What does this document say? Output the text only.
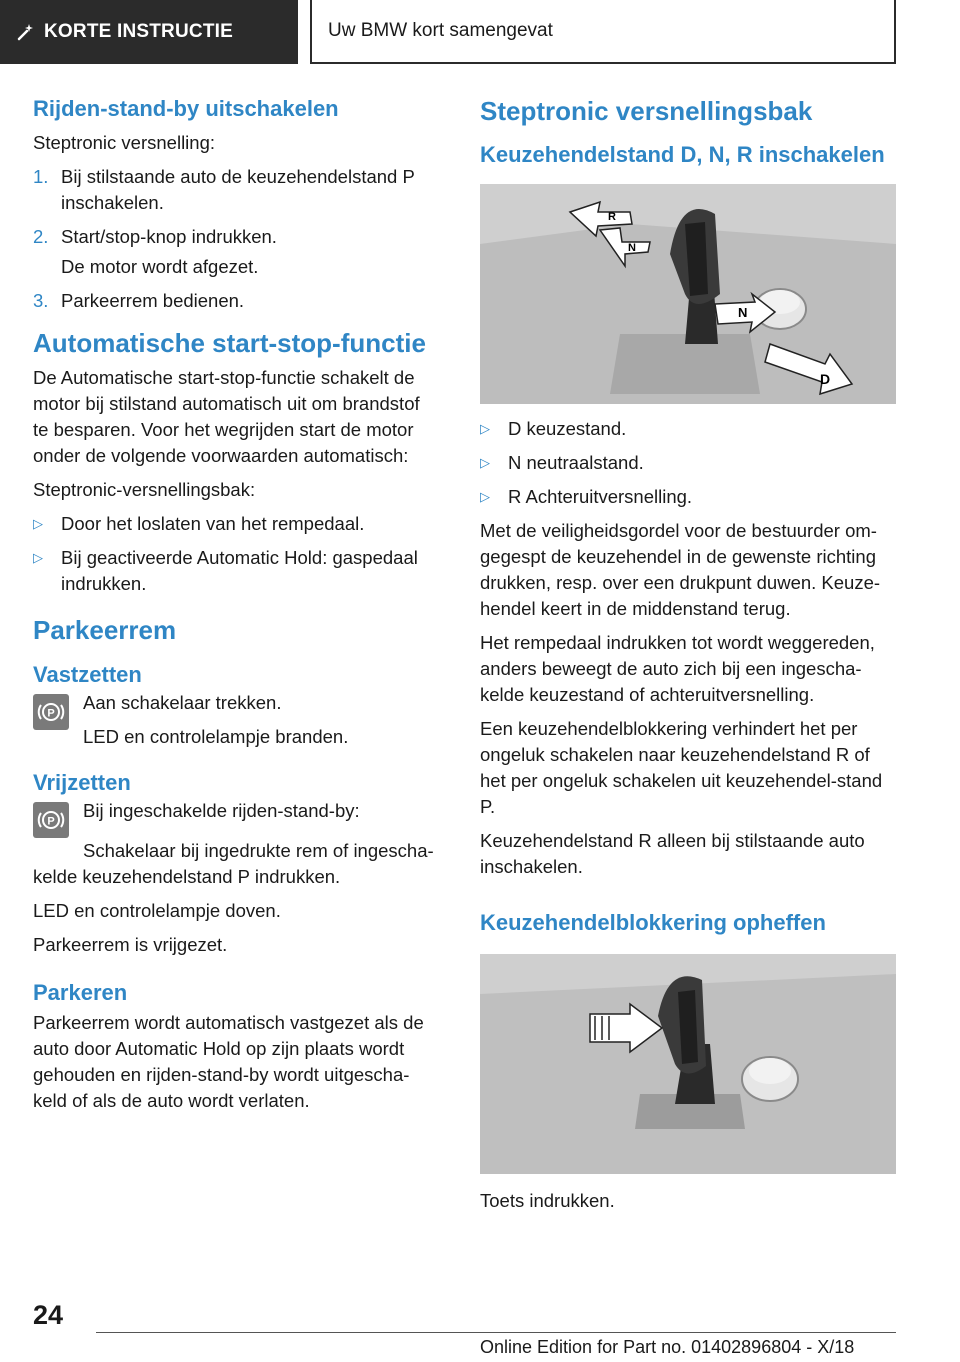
KORTE INSTRUCTIE	Uw BMW kort samengevat
Rijden-stand-by uitschakelen
Steptronic versnelling:
1. Bij stilstaande auto de keuzehendelstand P inschakelen.
2. Start/stop-knop indrukken.
De motor wordt afgezet.
3. Parkeerrem bedienen.
Automatische start-stop-functie
De Automatische start-stop-functie schakelt de motor bij stilstand automatisch uit om brandstof te besparen. Voor het wegrijden start de motor onder de volgende voorwaarden automatisch:
Steptronic-versnellingsbak:
▷ Door het loslaten van het rempedaal.
▷ Bij geactiveerde Automatic Hold: gaspedaal indrukken.
Parkeerrem
Vastzetten
P
Aan schakelaar trekken.
LED en controlelampje branden.
Vrijzetten
P
Bij ingeschakelde rijden-stand-by:
Schakelaar bij ingedrukte rem of ingescha-kelde keuzehendelstand P indrukken.
LED en controlelampje doven.
Parkeerrem is vrijgezet.
Parkeren
Parkeerrem wordt automatisch vastgezet als de auto door Automatic Hold op zijn plaats wordt gehouden en rijden-stand-by wordt uitgescha-keld of als de auto wordt verlaten.
Steptronic versnellingsbak
Keuzehendelstand D, N, R inschakelen
R
N
N
D
▷ D keuzestand.
▷ N neutraalstand.
▷ R Achteruitversnelling.
Met de veiligheidsgordel voor de bestuurder om-gegespt de keuzehendel in de gewenste richting drukken, resp. over een drukpunt duwen. Keuze-hendel keert in de middenstand terug.
Het rempedaal indrukken tot wordt weggereden, anders beweegt de auto zich bij een ingescha-kelde keuzestand of achteruitversnelling.
Een keuzehendelblokkering verhindert het per ongeluk schakelen naar keuzehendelstand R of het per ongeluk schakelen uit keuzehendel-stand P.
Keuzehendelstand R alleen bij stilstaande auto inschakelen.
Keuzehendelblokkering opheffen
Toets indrukken.
24
Online Edition for Part no. 01402896804 - X/18
